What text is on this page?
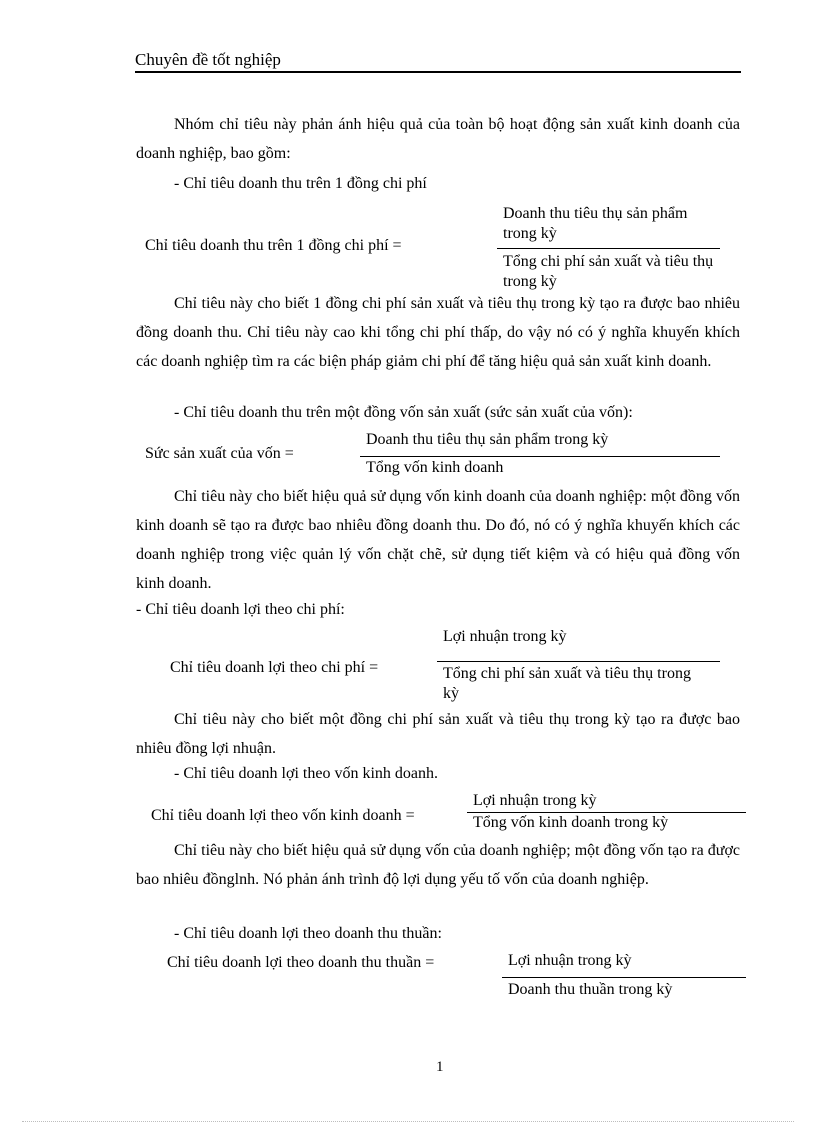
Chuyên đề tốt nghiệp
Nhóm chỉ tiêu này phản ánh hiệu quả của toàn bộ hoạt động sản xuất kinh doanh của doanh nghiệp, bao gồm:
- Chỉ tiêu doanh thu trên 1 đồng chi phí
Chỉ tiêu doanh thu trên 1 đồng chi phí =
Doanh thu tiêu thụ sản phẩm trong kỳ
Tổng chi phí sản xuất và tiêu thụ trong kỳ
Chỉ tiêu này cho biết 1 đồng chi phí sản xuất và tiêu thụ trong kỳ tạo ra được bao nhiêu đồng doanh thu. Chỉ tiêu này cao khi tổng chi phí thấp, do vậy nó có ý nghĩa khuyến khích các doanh nghiệp tìm ra các biện pháp giảm chi phí để tăng hiệu quả sản xuất kinh doanh.
- Chỉ tiêu doanh thu trên một đồng vốn sản xuất (sức sản xuất của vốn):
Sức sản xuất của vốn =
Doanh thu tiêu thụ sản phẩm trong kỳ
Tổng vốn kinh doanh
Chỉ tiêu này cho biết hiệu quả sử dụng vốn kinh doanh của doanh nghiệp: một đồng vốn kinh doanh sẽ tạo ra được bao nhiêu đồng doanh thu. Do đó, nó có ý nghĩa khuyến khích các doanh nghiệp trong việc quản lý vốn chặt chẽ, sử dụng tiết kiệm và có hiệu quả đồng vốn kinh doanh.
- Chỉ tiêu doanh lợi theo chi phí:
Chỉ tiêu doanh lợi theo chi phí =
Lợi nhuận trong kỳ
Tổng chi phí sản xuất và tiêu thụ trong kỳ
Chỉ tiêu này cho biết một đồng chi phí sản xuất và tiêu thụ trong kỳ tạo ra được bao nhiêu đồng lợi nhuận.
- Chỉ tiêu doanh lợi theo vốn kinh doanh.
Chỉ tiêu doanh lợi theo vốn kinh doanh =
Lợi nhuận trong kỳ
Tổng vốn kinh doanh trong kỳ
Chỉ tiêu này cho biết hiệu quả sử dụng vốn của doanh nghiệp; một đồng vốn tạo ra được bao nhiêu đồnglnh. Nó phản ánh trình độ lợi dụng yếu tố vốn của doanh nghiệp.
- Chỉ tiêu doanh lợi theo doanh thu thuần:
Chỉ tiêu doanh lợi theo doanh thu thuần =	Lợi nhuận trong kỳ
Doanh thu thuần trong kỳ
1
